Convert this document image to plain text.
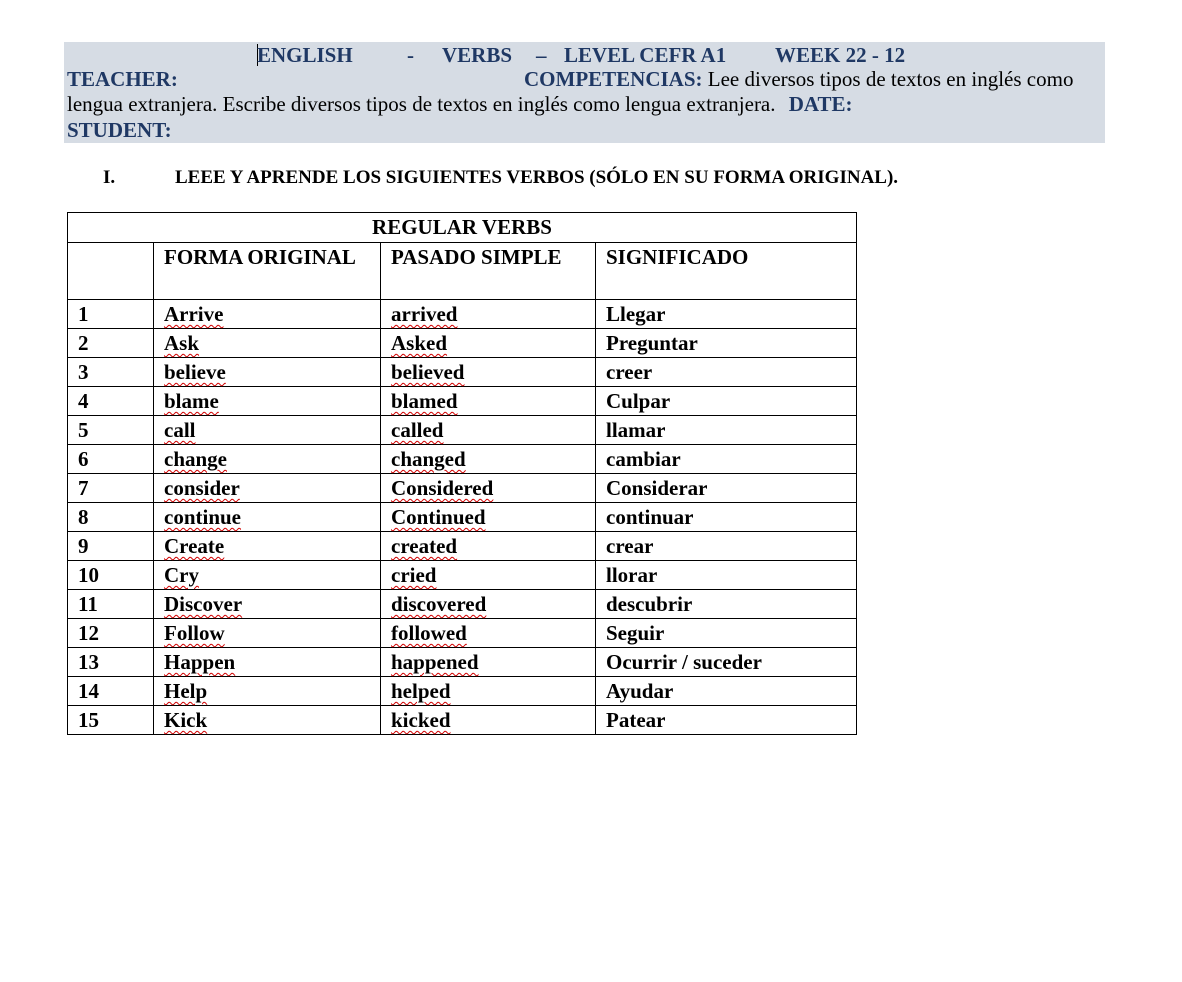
ENGLISH	- VERBS – LEVEL CEFR A1 WEEK 22 - 12
TEACHER:	COMPETENCIAS: Lee diversos tipos de textos en inglés como
lengua extranjera. Escribe diversos tipos de textos en inglés como lengua extranjera. DATE:
STUDENT:
I.	LEEE Y APRENDE LOS SIGUIENTES VERBOS (SÓLO EN SU FORMA ORIGINAL).
REGULAR VERBS			
	FORMA ORIGINAL	PASADO SIMPLE	SIGNIFICADO
1	Arrive	arrived	Llegar
2	Ask	Asked	Preguntar
3	believe	believed	creer
4	blame	blamed	Culpar
5	call	called	llamar
6	change	changed	cambiar
7	consider	Considered	Considerar
8	continue	Continued	continuar
9	Create	created	crear
10	Cry	cried	llorar
11	Discover	discovered	descubrir
12	Follow	followed	Seguir
13	Happen	happened	Ocurrir / suceder
14	Help	helped	Ayudar
15	Kick	kicked	Patear
